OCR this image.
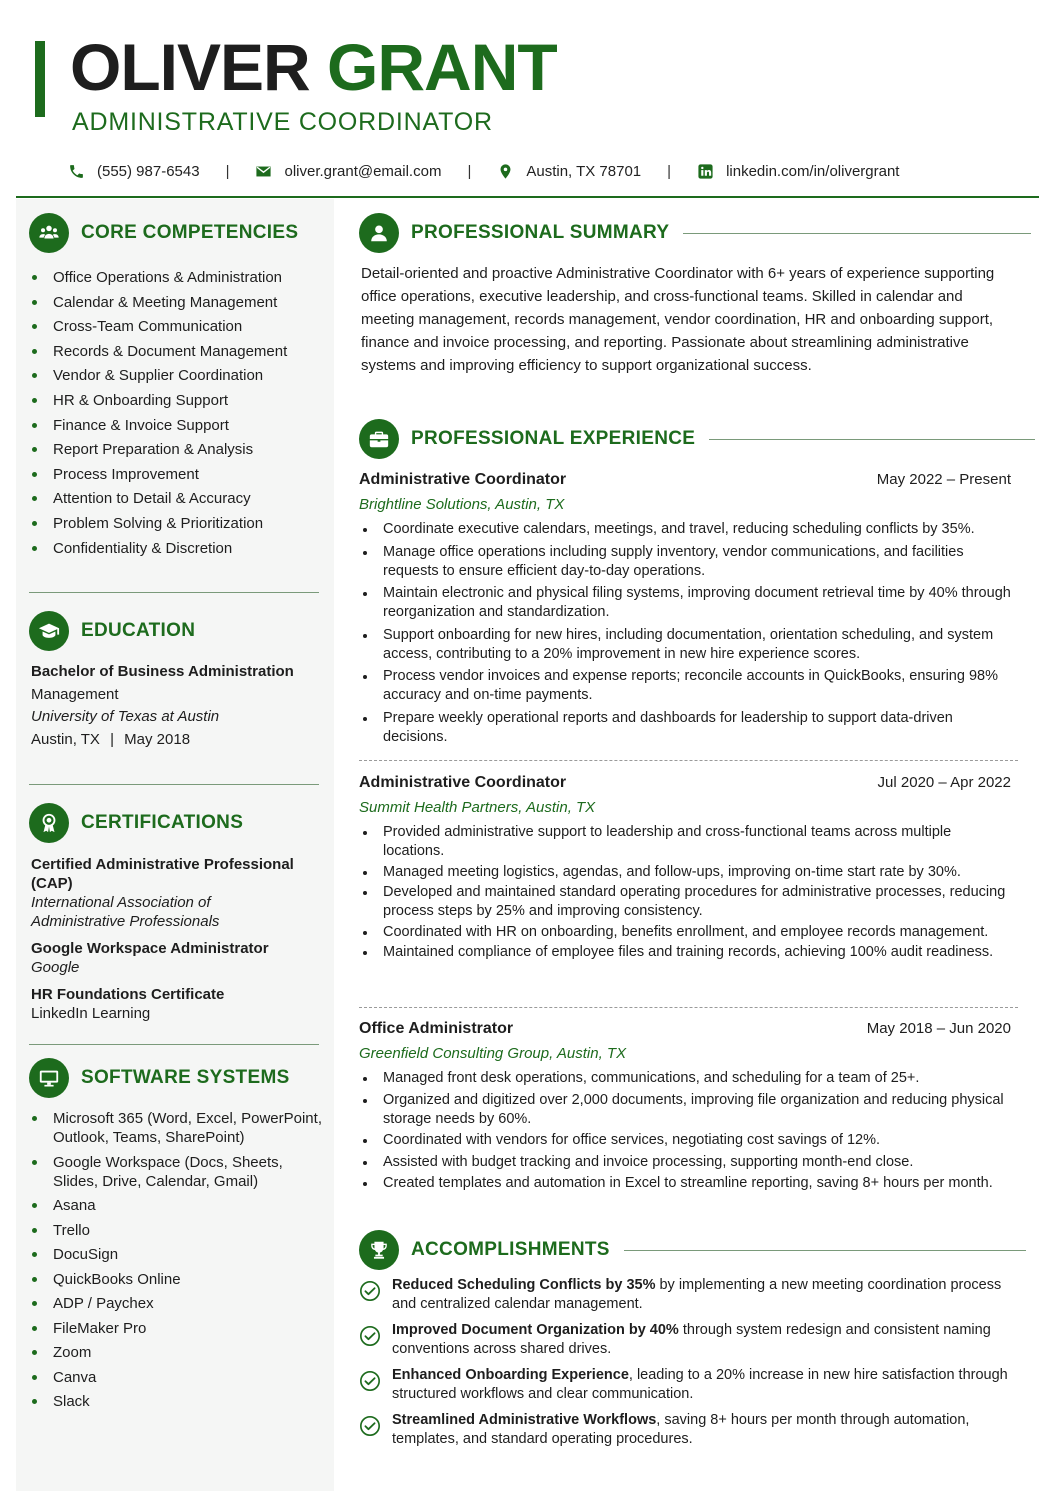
OLIVER GRANT
ADMINISTRATIVE COORDINATOR
(555) 987-6543 |	oliver.grant@email.com |	Austin, TX 78701 |	linkedin.com/in/olivergrant
CORE COMPETENCIES
Office Operations & Administration
Calendar & Meeting Management
Cross-Team Communication
Records & Document Management
Vendor & Supplier Coordination
HR & Onboarding Support
Finance & Invoice Support
Report Preparation & Analysis
Process Improvement
Attention to Detail & Accuracy
Problem Solving & Prioritization
Confidentiality & Discretion
EDUCATION
Bachelor of Business Administration
Management
University of Texas at Austin
Austin, TX | May 2018
CERTIFICATIONS
Certified Administrative Professional (CAP)
International Association of
Administrative Professionals
Google Workspace Administrator
Google
HR Foundations Certificate
LinkedIn Learning
SOFTWARE SYSTEMS
Microsoft 365 (Word, Excel, PowerPoint, Outlook, Teams, SharePoint)
Google Workspace (Docs, Sheets, Slides, Drive, Calendar, Gmail)
Asana
Trello
DocuSign
QuickBooks Online
ADP / Paychex
FileMaker Pro
Zoom
Canva
Slack
PROFESSIONAL SUMMARY
Detail-oriented and proactive Administrative Coordinator with 6+ years of experience supporting office operations, executive leadership, and cross-functional teams. Skilled in calendar and meeting management, records management, vendor coordination, HR and onboarding support, finance and invoice processing, and reporting. Passionate about streamlining administrative systems and improving efficiency to support organizational success.
PROFESSIONAL EXPERIENCE
Administrative Coordinator	May 2022 – Present
Brightline Solutions, Austin, TX
Coordinate executive calendars, meetings, and travel, reducing scheduling conflicts by 35%.
Manage office operations including supply inventory, vendor communications, and facilities requests to ensure efficient day-to-day operations.
Maintain electronic and physical filing systems, improving document retrieval time by 40% through reorganization and standardization.
Support onboarding for new hires, including documentation, orientation scheduling, and system access, contributing to a 20% improvement in new hire experience scores.
Process vendor invoices and expense reports; reconcile accounts in QuickBooks, ensuring 98% accuracy and on-time payments.
Prepare weekly operational reports and dashboards for leadership to support data-driven decisions.
Administrative Coordinator	Jul 2020 – Apr 2022
Summit Health Partners, Austin, TX
Provided administrative support to leadership and cross-functional teams across multiple locations.
Managed meeting logistics, agendas, and follow-ups, improving on-time start rate by 30%.
Developed and maintained standard operating procedures for administrative processes, reducing process steps by 25% and improving consistency.
Coordinated with HR on onboarding, benefits enrollment, and employee records management.
Maintained compliance of employee files and training records, achieving 100% audit readiness.
Office Administrator	May 2018 – Jun 2020
Greenfield Consulting Group, Austin, TX
Managed front desk operations, communications, and scheduling for a team of 25+.
Organized and digitized over 2,000 documents, improving file organization and reducing physical storage needs by 60%.
Coordinated with vendors for office services, negotiating cost savings of 12%.
Assisted with budget tracking and invoice processing, supporting month-end close.
Created templates and automation in Excel to streamline reporting, saving 8+ hours per month.
ACCOMPLISHMENTS
Reduced Scheduling Conflicts by 35% by implementing a new meeting coordination process and centralized calendar management.
Improved Document Organization by 40% through system redesign and consistent naming conventions across shared drives.
Enhanced Onboarding Experience, leading to a 20% increase in new hire satisfaction through structured workflows and clear communication.
Streamlined Administrative Workflows, saving 8+ hours per month through automation, templates, and standard operating procedures.
